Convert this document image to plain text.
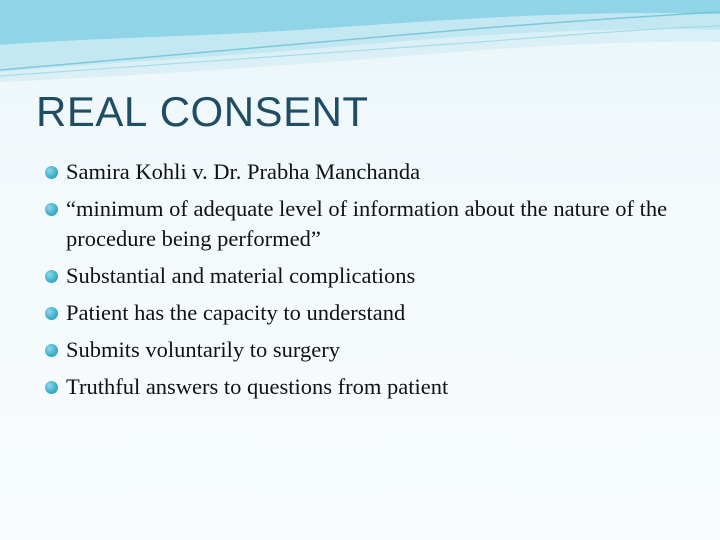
REAL CONSENT
Samira Kohli v. Dr. Prabha Manchanda
“minimum of adequate level of information about the nature of the procedure being performed”
Substantial and material complications
Patient has the capacity to understand
Submits voluntarily to surgery
Truthful answers to questions from patient
